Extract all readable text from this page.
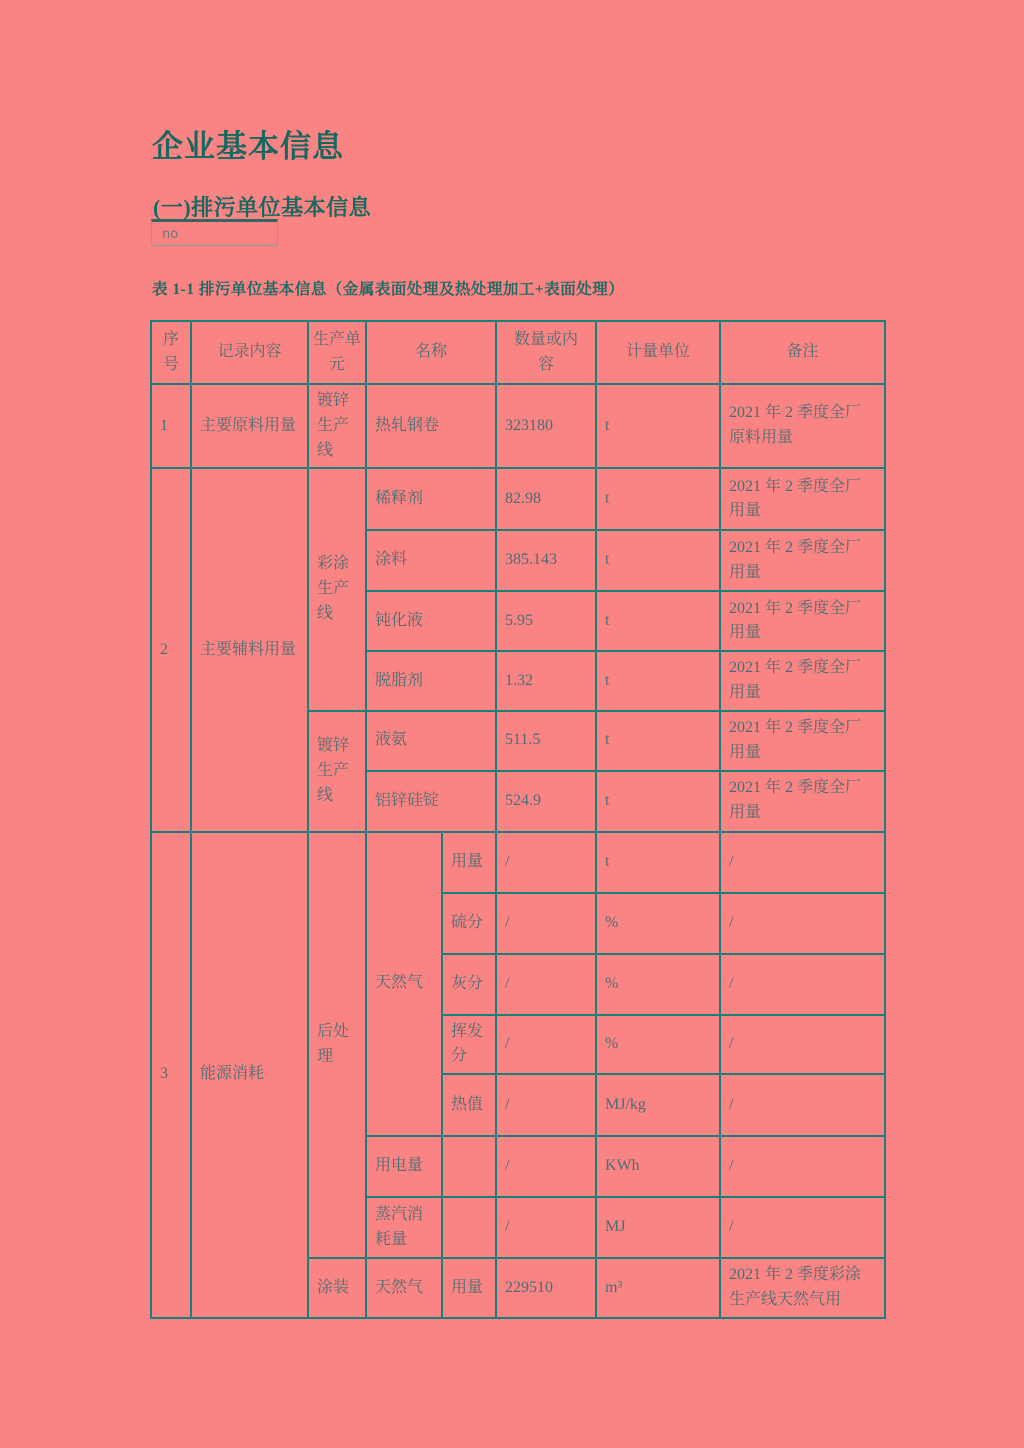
企业基本信息
(一)排污单位基本信息
no

表 1-1 排污单位基本信息（金属表面处理及热处理加工+表面处理）

序号	记录内容	生产单元	名称		数量或内容	计量单位	备注
1	主要原料用量	镀锌生产线	热轧钢卷		323180	t	2021 年 2 季度全厂原料用量
2	主要辅料用量	彩涂生产线	稀释剂		82.98	t	2021 年 2 季度全厂用量
			涂料		385.143	t	2021 年 2 季度全厂用量
			钝化液		5.95	t	2021 年 2 季度全厂用量
			脱脂剂		1.32	t	2021 年 2 季度全厂用量
		镀锌生产线	液氨		511.5	t	2021 年 2 季度全厂用量
			铝锌硅锭		524.9	t	2021 年 2 季度全厂用量
3	能源消耗	后处理	天然气	用量	/	t	/
				硫分	/	%	/
				灰分	/	%	/
				挥发分	/	%	/
				热值	/	MJ/kg	/
			用电量		/	KWh	/
			蒸汽消耗量		/	MJ	/
		涂装	天然气	用量	229510	m³	2021 年 2 季度彩涂生产线天然气用
